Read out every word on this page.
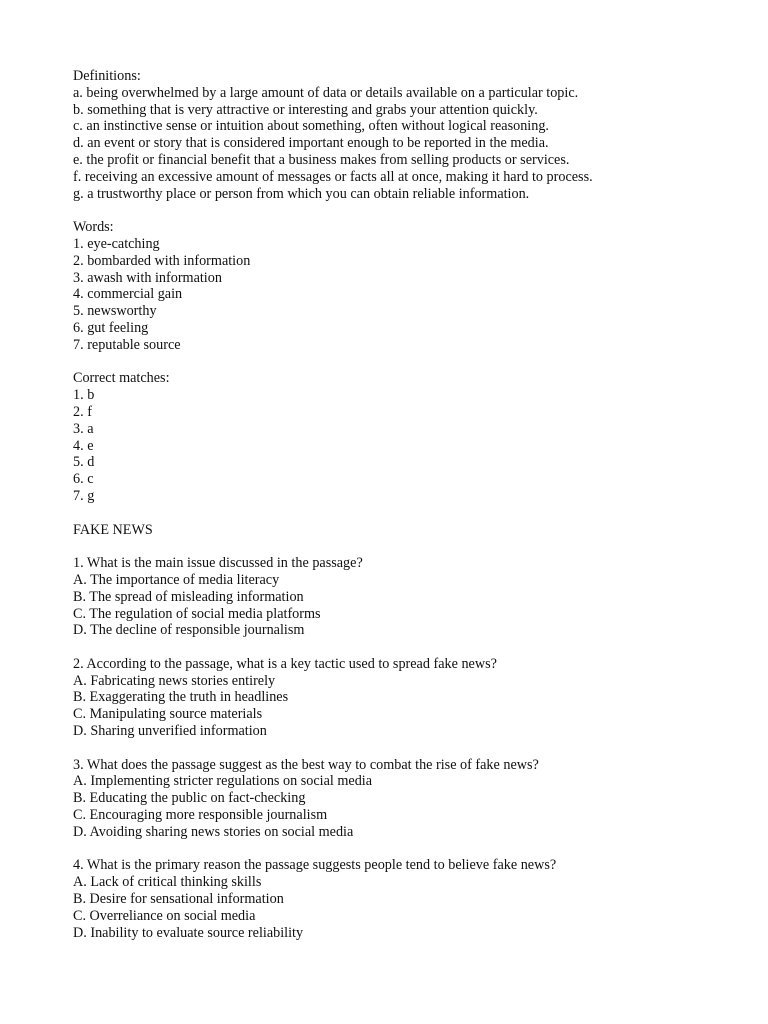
Definitions:
a. being overwhelmed by a large amount of data or details available on a particular topic.
b. something that is very attractive or interesting and grabs your attention quickly.
c. an instinctive sense or intuition about something, often without logical reasoning.
d. an event or story that is considered important enough to be reported in the media.
e. the profit or financial benefit that a business makes from selling products or services.
f. receiving an excessive amount of messages or facts all at once, making it hard to process.
g. a trustworthy place or person from which you can obtain reliable information.
Words:
1. eye-catching
2. bombarded with information
3. awash with information
4. commercial gain
5. newsworthy
6. gut feeling
7. reputable source
Correct matches:
1. b
2. f
3. a
4. e
5. d
6. c
7. g
FAKE NEWS
1. What is the main issue discussed in the passage?
A. The importance of media literacy
B. The spread of misleading information
C. The regulation of social media platforms
D. The decline of responsible journalism
2. According to the passage, what is a key tactic used to spread fake news?
A. Fabricating news stories entirely
B. Exaggerating the truth in headlines
C. Manipulating source materials
D. Sharing unverified information
3. What does the passage suggest as the best way to combat the rise of fake news?
A. Implementing stricter regulations on social media
B. Educating the public on fact-checking
C. Encouraging more responsible journalism
D. Avoiding sharing news stories on social media
4. What is the primary reason the passage suggests people tend to believe fake news?
A. Lack of critical thinking skills
B. Desire for sensational information
C. Overreliance on social media
D. Inability to evaluate source reliability
